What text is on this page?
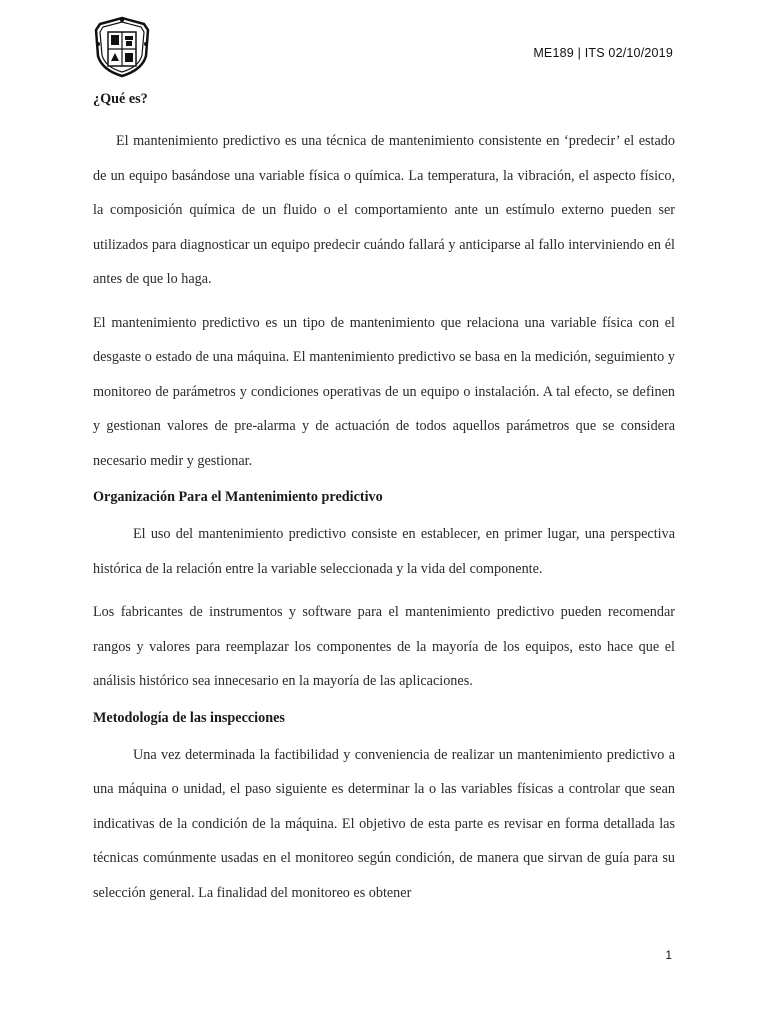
ME189 | ITS 02/10/2019
¿Qué es?

El mantenimiento predictivo es una técnica de mantenimiento consistente en ‘predecir’ el estado de un equipo basándose una variable física o química. La temperatura, la vibración, el aspecto físico, la composición química de un fluido o el comportamiento ante un estímulo externo pueden ser utilizados para diagnosticar un equipo predecir cuándo fallará y anticiparse al fallo interviniendo en él antes de que lo haga.

El mantenimiento predictivo es un tipo de mantenimiento que relaciona una variable física con el desgaste o estado de una máquina. El mantenimiento predictivo se basa en la medición, seguimiento y monitoreo de parámetros y condiciones operativas de un equipo o instalación. A tal efecto, se definen y gestionan valores de pre-alarma y de actuación de todos aquellos parámetros que se considera necesario medir y gestionar.

Organización Para el Mantenimiento predictivo

El uso del mantenimiento predictivo consiste en establecer, en primer lugar, una perspectiva histórica de la relación entre la variable seleccionada y la vida del componente.

Los fabricantes de instrumentos y software para el mantenimiento predictivo pueden recomendar rangos y valores para reemplazar los componentes de la mayoría de los equipos, esto hace que el análisis histórico sea innecesario en la mayoría de las aplicaciones.

Metodología de las inspecciones

Una vez determinada la factibilidad y conveniencia de realizar un mantenimiento predictivo a una máquina o unidad, el paso siguiente es determinar la o las variables físicas a controlar que sean indicativas de la condición de la máquina. El objetivo de esta parte es revisar en forma detallada las técnicas comúnmente usadas en el monitoreo según condición, de manera que sirvan de guía para su selección general. La finalidad del monitoreo es obtener

1
